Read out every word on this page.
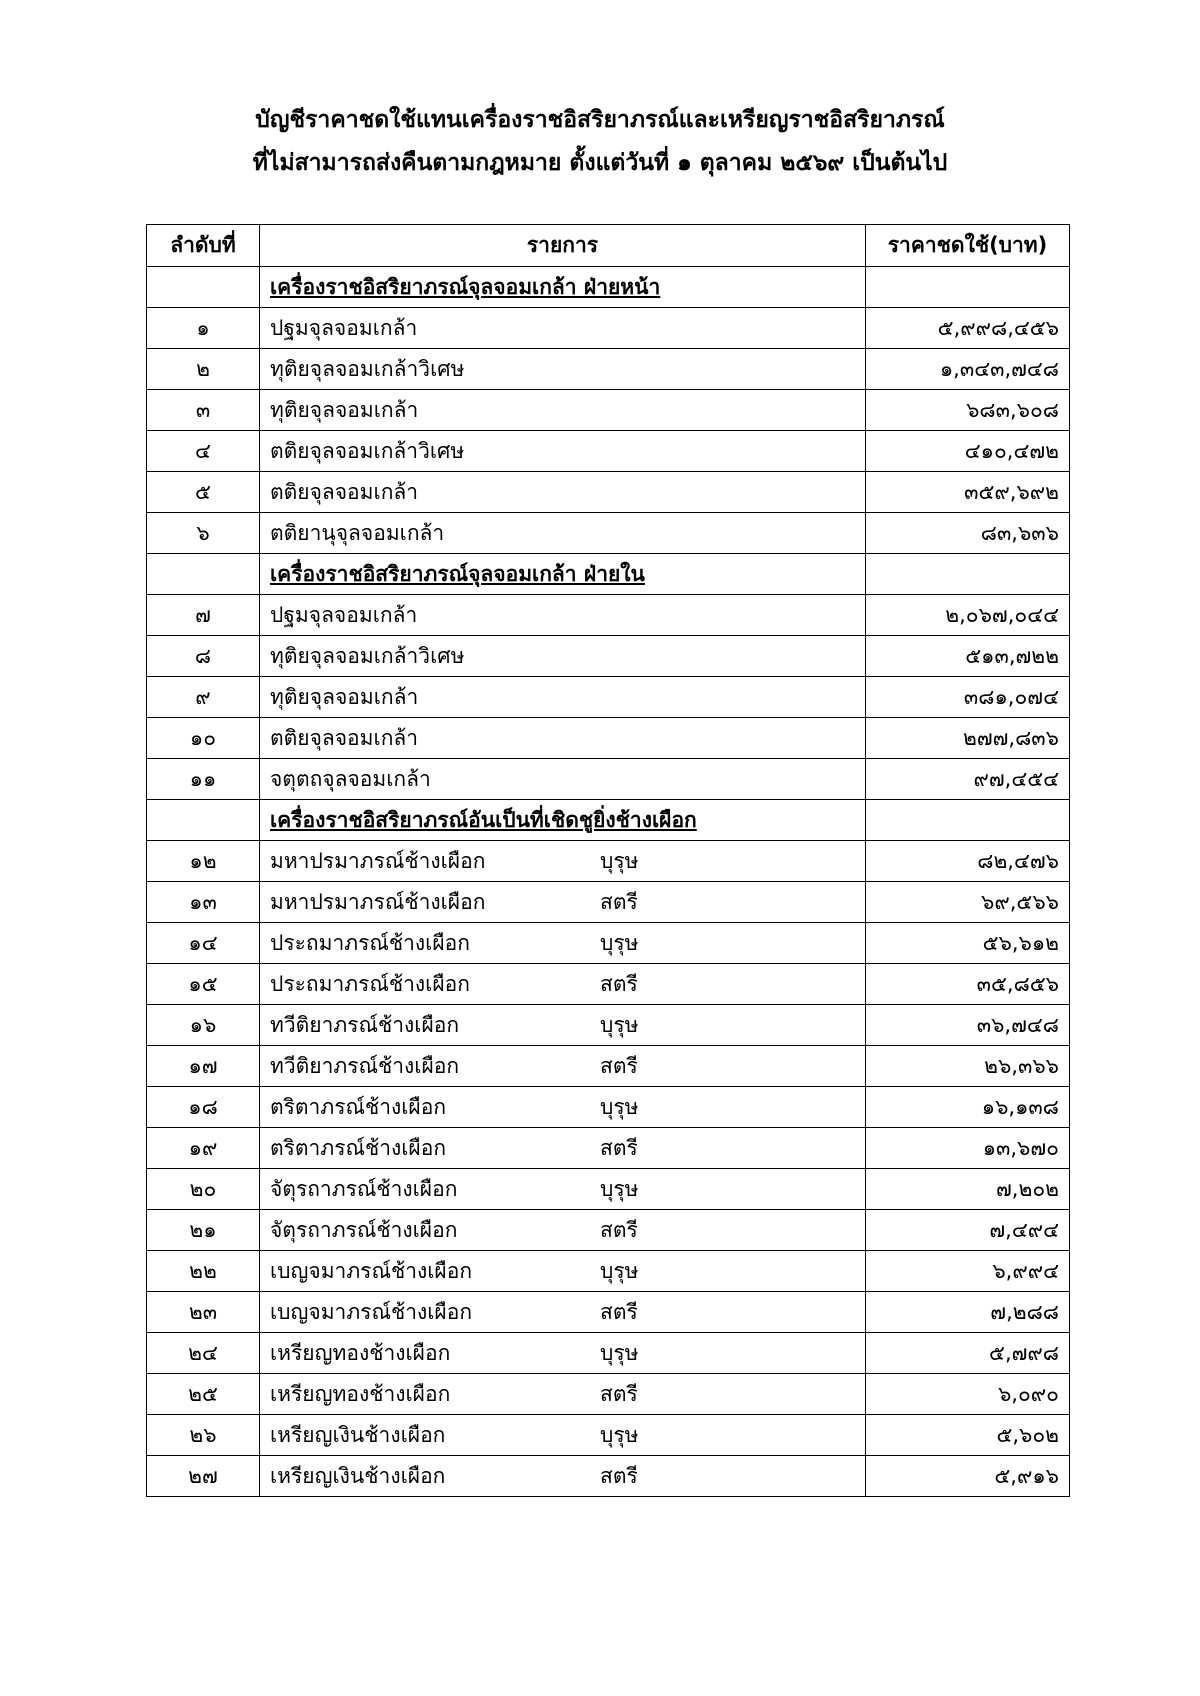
บัญชีราคาชดใช้แทนเครื่องราชอิสริยาภรณ์และเหรียญราชอิสริยาภรณ์
ที่ไม่สามารถส่งคืนตามกฎหมาย ตั้งแต่วันที่ ๑ ตุลาคม ๒๕๖๙ เป็นต้นไป
ลำดับที่	รายการ	ราคาชดใช้(บาท)
	เครื่องราชอิสริยาภรณ์จุลจอมเกล้า ฝ่ายหน้า	
๑	ปฐมจุลจอมเกล้า	๕,๙๙๘,๔๕๖
๒	ทุติยจุลจอมเกล้าวิเศษ	๑,๓๔๓,๗๔๘
๓	ทุติยจุลจอมเกล้า	๖๘๓,๖๐๘
๔	ตติยจุลจอมเกล้าวิเศษ	๔๑๐,๔๗๒
๕	ตติยจุลจอมเกล้า	๓๕๙,๖๙๒
๖	ตติยานุจุลจอมเกล้า	๘๓,๖๓๖
	เครื่องราชอิสริยาภรณ์จุลจอมเกล้า ฝ่ายใน	
๗	ปฐมจุลจอมเกล้า	๒,๐๖๗,๐๔๔
๘	ทุติยจุลจอมเกล้าวิเศษ	๕๑๓,๗๒๒
๙	ทุติยจุลจอมเกล้า	๓๘๑,๐๗๔
๑๐	ตติยจุลจอมเกล้า	๒๗๗,๘๓๖
๑๑	จตุตถจุลจอมเกล้า	๙๗,๔๕๔
	เครื่องราชอิสริยาภรณ์อันเป็นที่เชิดชูยิ่งช้างเผือก	
๑๒	มหาปรมาภรณ์ช้างเผือก บุรุษ	๘๒,๔๗๖
๑๓	มหาปรมาภรณ์ช้างเผือก สตรี	๖๙,๕๖๖
๑๔	ประถมาภรณ์ช้างเผือก บุรุษ	๕๖,๖๑๒
๑๕	ประถมาภรณ์ช้างเผือก สตรี	๓๕,๘๕๖
๑๖	ทวีติยาภรณ์ช้างเผือก บุรุษ	๓๖,๗๔๘
๑๗	ทวีติยาภรณ์ช้างเผือก สตรี	๒๖,๓๖๖
๑๘	ตริตาภรณ์ช้างเผือก บุรุษ	๑๖,๑๓๘
๑๙	ตริตาภรณ์ช้างเผือก สตรี	๑๓,๖๗๐
๒๐	จัตุรถาภรณ์ช้างเผือก บุรุษ	๗,๒๐๒
๒๑	จัตุรถาภรณ์ช้างเผือก สตรี	๗,๔๙๔
๒๒	เบญจมาภรณ์ช้างเผือก บุรุษ	๖,๙๙๔
๒๓	เบญจมาภรณ์ช้างเผือก สตรี	๗,๒๘๘
๒๔	เหรียญทองช้างเผือก บุรุษ	๕,๗๙๘
๒๕	เหรียญทองช้างเผือก สตรี	๖,๐๙๐
๒๖	เหรียญเงินช้างเผือก บุรุษ	๕,๖๐๒
๒๗	เหรียญเงินช้างเผือก สตรี	๕,๙๑๖
